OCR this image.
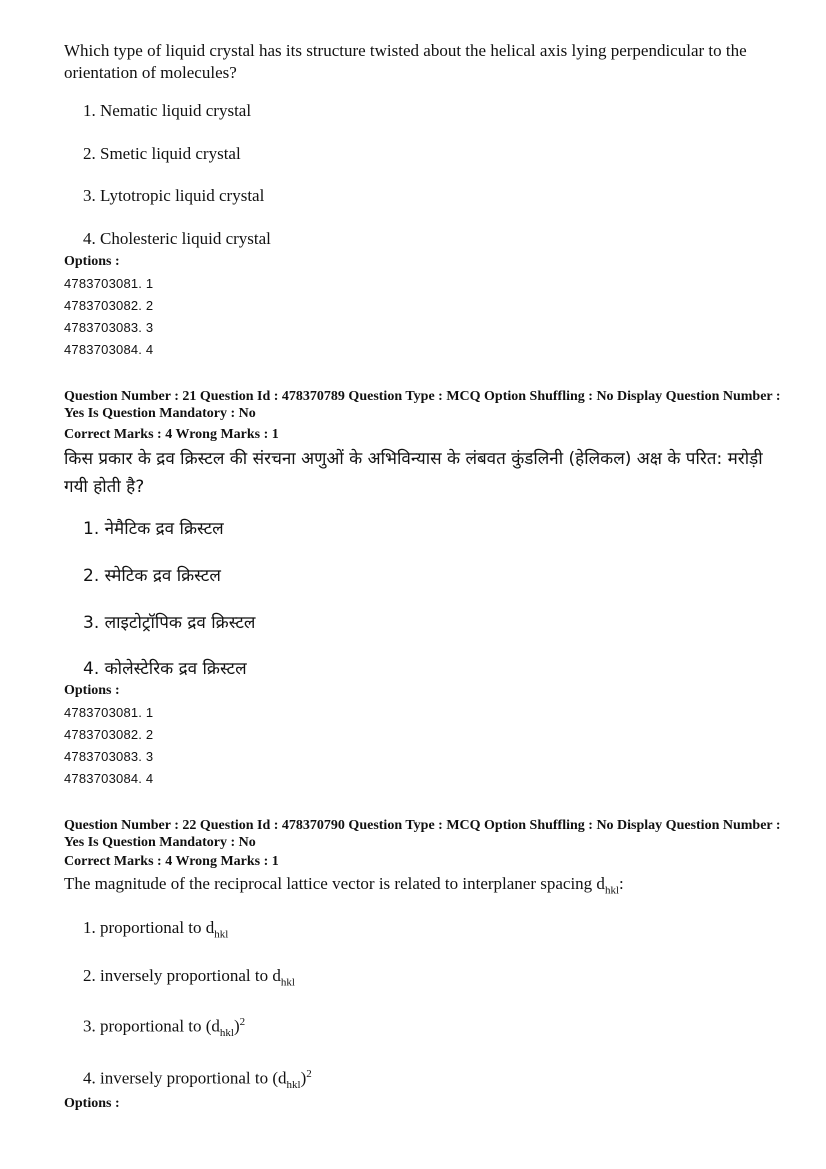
Which type of liquid crystal has its structure twisted about the helical axis lying perpendicular to the orientation of molecules?
1. Nematic liquid crystal
2. Smetic liquid crystal
3. Lytotropic liquid crystal
4. Cholesteric liquid crystal
Options :
4783703081. 1
4783703082. 2
4783703083. 3
4783703084. 4
Question Number : 21 Question Id : 478370789 Question Type : MCQ Option Shuffling : No Display Question Number : Yes Is Question Mandatory : No
Correct Marks : 4 Wrong Marks : 1
किस प्रकार के द्रव क्रिस्टल की संरचना अणुओं के अभिविन्यास के लंबवत कुंडलिनी (हेलिकल) अक्ष के परित: मरोड़ी गयी होती है?
1. नेमैटिक द्रव क्रिस्टल
2. स्मेटिक द्रव क्रिस्टल
3. लाइटोट्रॉपिक द्रव क्रिस्टल
4. कोलेस्टेरिक द्रव क्रिस्टल
Options :
4783703081. 1
4783703082. 2
4783703083. 3
4783703084. 4
Question Number : 22 Question Id : 478370790 Question Type : MCQ Option Shuffling : No Display Question Number : Yes Is Question Mandatory : No
Correct Marks : 4 Wrong Marks : 1
The magnitude of the reciprocal lattice vector is related to interplaner spacing $d_{hkl}$:
1. proportional to $d_{hkl}$
2. inversely proportional to $d_{hkl}$
3. proportional to $(d_{hkl})^2$
4. inversely proportional to $(d_{hkl})^2$
Options :
